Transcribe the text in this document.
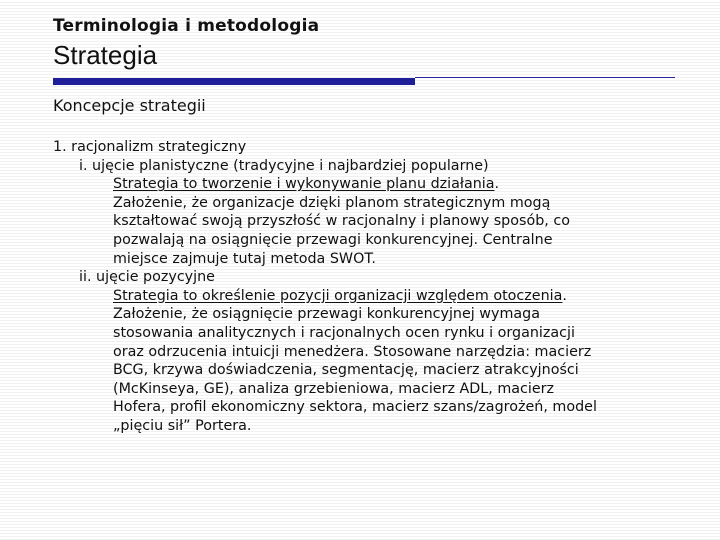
Terminologia i metodologia
Strategia
Koncepcje strategii
1. racjonalizm strategiczny
i. ujęcie planistyczne (tradycyjne i najbardziej popularne)
Strategia to tworzenie i wykonywanie planu działania.
Założenie, że organizacje dzięki planom strategicznym mogą
kształtować swoją przyszłość w racjonalny i planowy sposób, co
pozwalają na osiągnięcie przewagi konkurencyjnej. Centralne
miejsce zajmuje tutaj metoda SWOT.
ii. ujęcie pozycyjne
Strategia to określenie pozycji organizacji względem otoczenia.
Założenie, że osiągnięcie przewagi konkurencyjnej wymaga
stosowania analitycznych i racjonalnych ocen rynku i organizacji
oraz odrzucenia intuicji menedżera. Stosowane narzędzia: macierz
BCG, krzywa doświadczenia, segmentację, macierz atrakcyjności
(McKinseya, GE), analiza grzebieniowa, macierz ADL, macierz
Hofera, profil ekonomiczny sektora, macierz szans/zagrożeń, model
„pięciu sił” Portera.
